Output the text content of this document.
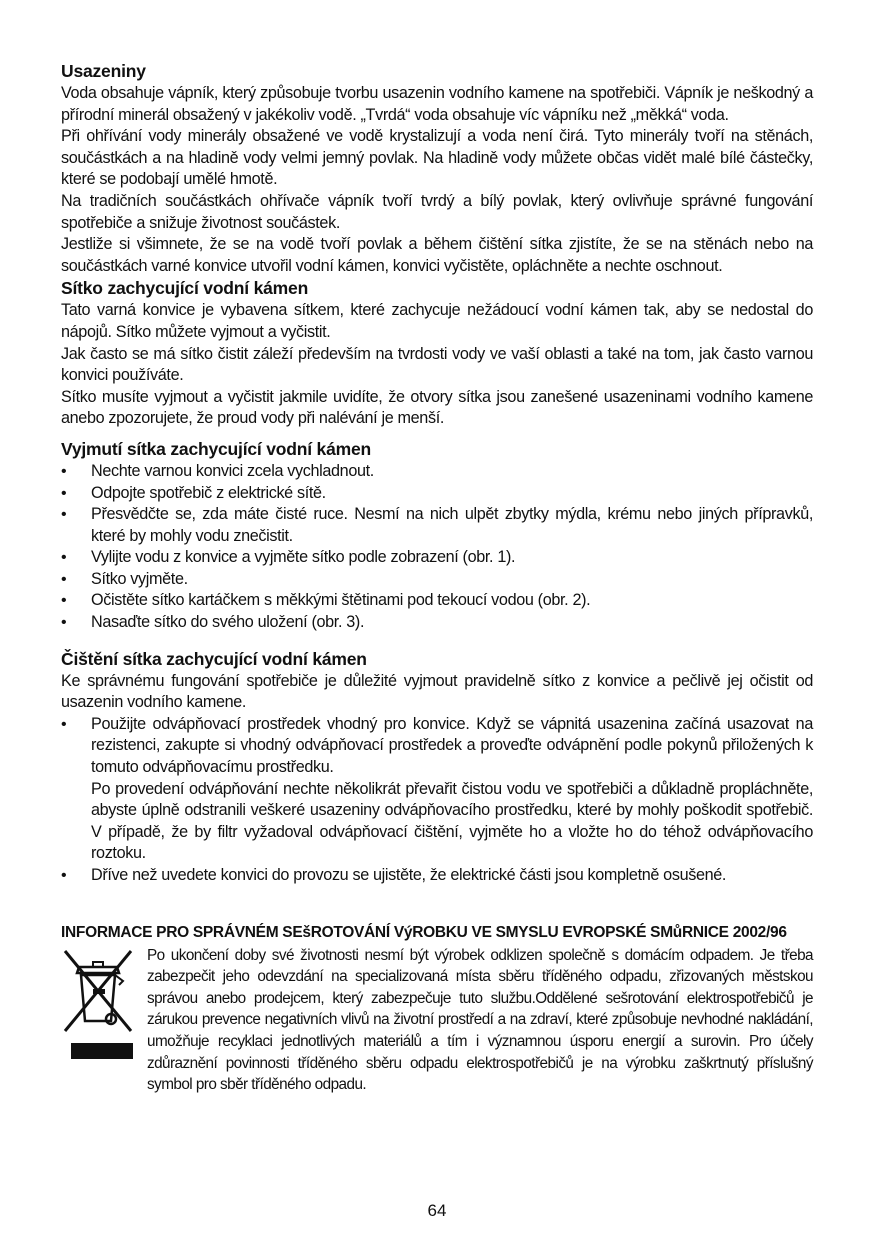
Usazeniny

Voda obsahuje vápník, který způsobuje tvorbu usazenin vodního kamene na spotřebiči. Vápník je neškodný a přírodní minerál obsažený v jakékoliv vodě. „Tvrdá“ voda obsahuje víc vápníku než „měkká“ voda.

Při ohřívání vody minerály obsažené ve vodě krystalizují a voda není čirá. Tyto minerály tvoří na stěnách, součástkách a na hladině vody velmi jemný povlak. Na hladině vody můžete občas vidět malé bílé částečky, které se podobají umělé hmotě.

Na tradičních součástkách ohřívače vápník tvoří tvrdý a bílý povlak, který ovlivňuje správné fungování spotřebiče a snižuje životnost součástek.

Jestliže si všimnete, že se na vodě tvoří povlak a během čištění sítka zjistíte, že se na stěnách nebo na součástkách varné konvice utvořil vodní kámen, konvici vyčistěte, opláchněte a nechte oschnout.

Sítko zachycující vodní kámen

Tato varná konvice je vybavena sítkem, které zachycuje nežádoucí vodní kámen tak, aby se nedostal do nápojů. Sítko můžete vyjmout a vyčistit.

Jak často se má sítko čistit záleží především na tvrdosti vody ve vaší oblasti a také na tom, jak často varnou konvici používáte.

Sítko musíte vyjmout a vyčistit jakmile uvidíte, že otvory sítka jsou zanešené usazeninami vodního kamene anebo zpozorujete, že proud vody při nalévání je menší.

Vyjmutí sítka zachycující vodní kámen
• Nechte varnou konvici zcela vychladnout.
• Odpojte spotřebič z elektrické sítě.
• Přesvědčte se, zda máte čisté ruce. Nesmí na nich ulpět zbytky mýdla, krému nebo jiných přípravků, které by mohly vodu znečistit.
• Vylijte vodu z konvice a vyjměte sítko podle zobrazení (obr. 1).
• Sítko vyjměte.
• Očistěte sítko kartáčkem s měkkými štětinami pod tekoucí vodou (obr. 2).
• Nasaďte sítko do svého uložení (obr. 3).
Čištění sítka zachycující vodní kámen

Ke správnému fungování spotřebiče je důležité vyjmout pravidelně sítko z konvice a pečlivě jej očistit od usazenin vodního kamene.

• Použijte odvápňovací prostředek vhodný pro konvice. Když se vápnitá usazenina začíná usazovat na rezistenci, zakupte si vhodný odvápňovací prostředek a proveďte odvápnění podle pokynů přiložených k tomuto odvápňovacímu prostředku.
Po provedení odvápňování nechte několikrát převařit čistou vodu ve spotřebiči a důkladně propláchněte, abyste úplně odstranili veškeré usazeniny odvápňovacího prostředku, které by mohly poškodit spotřebič. V případě, že by filtr vyžadoval odvápňovací čištění, vyjměte ho a vložte ho do téhož odvápňovacího roztoku.
• Dříve než uvedete konvici do provozu se ujistěte, že elektrické části jsou kompletně osušené.
INFORMACE PRO SPRÁVNÉM SEšROTOVÁNÍ VýROBKU VE SMYSLU EVROPSKÉ SMůRNICE 2002/96
Po ukončení doby své životnosti nesmí být výrobek odklizen společně s domácím odpadem. Je třeba zabezpečit jeho odevzdání na specializovaná místa sběru tříděného odpadu, zřizovaných městskou správou anebo prodejcem, který zabezpečuje tuto službu.Oddělené sešrotování elektrospotřebičů je zárukou prevence negativních vlivů na životní prostředí a na zdraví, které způsobuje nevhodné nakládání, umožňuje recyklaci jednotlivých materiálů a tím i významnou úsporu energií a surovin. Pro účely zdůraznění povinnosti tříděného sběru odpadu elektrospotřebičů je na výrobku zaškrtnutý příslušný symbol pro sběr tříděného odpadu.
64
